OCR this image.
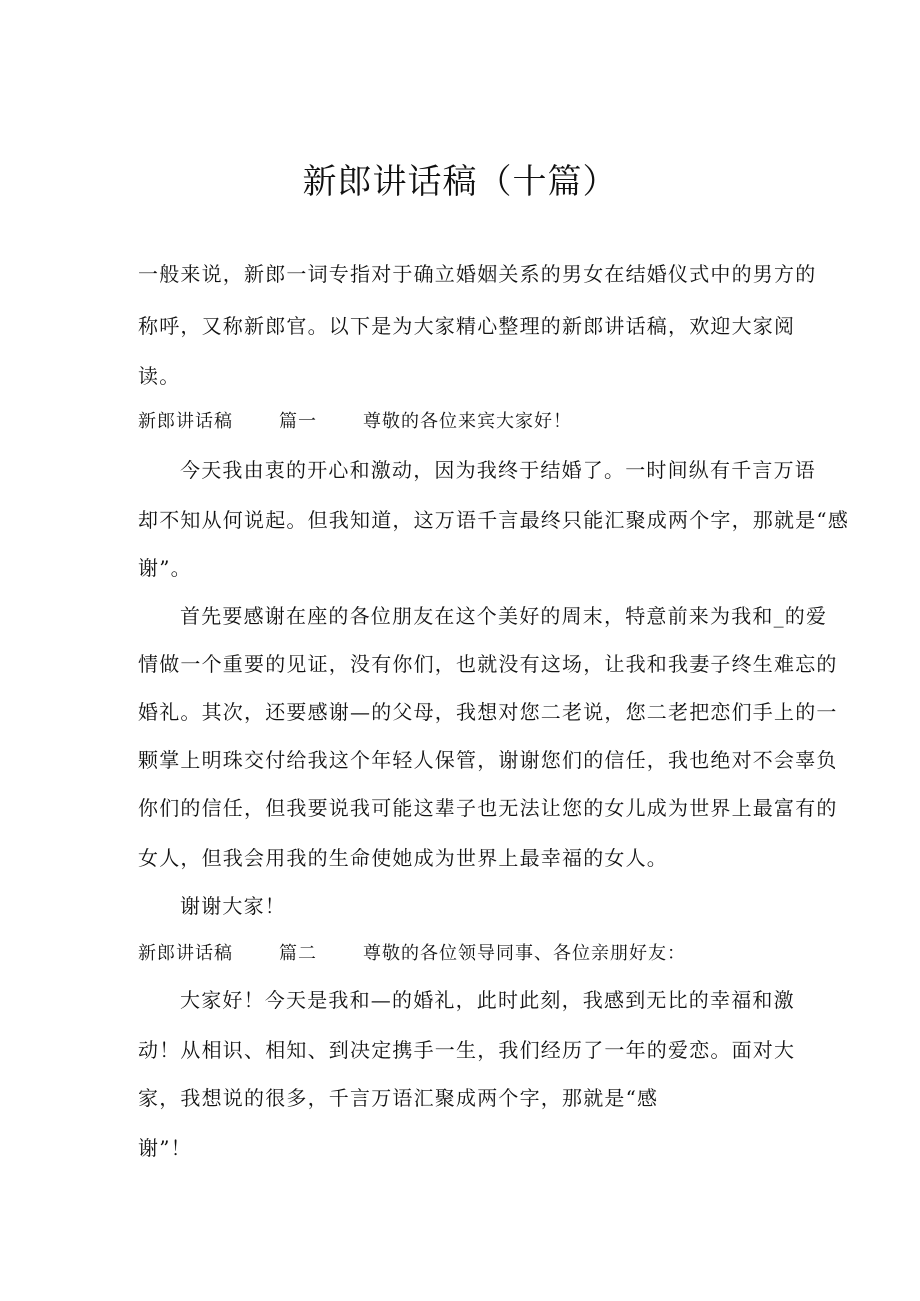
新郎讲话稿（十篇）
一般来说，新郎一词专指对于确立婚姻关系的男女在结婚仪式中的男方的
称呼，又称新郎官。以下是为大家精心整理的新郎讲话稿，欢迎大家阅
读。
新郎讲话稿	篇一	尊敬的各位来宾大家好！
今天我由衷的开心和激动，因为我终于结婚了。一时间纵有千言万语
却不知从何说起。但我知道，这万语千言最终只能汇聚成两个字，那就是“感
谢”。
首先要感谢在座的各位朋友在这个美好的周末，特意前来为我和_的爱
情做一个重要的见证，没有你们，也就没有这场，让我和我妻子终生难忘的
婚礼。其次，还要感谢—的父母，我想对您二老说，您二老把恋们手上的一
颗掌上明珠交付给我这个年轻人保管，谢谢您们的信任，我也绝对不会辜负
你们的信任，但我要说我可能这辈子也无法让您的女儿成为世界上最富有的
女人，但我会用我的生命使她成为世界上最幸福的女人。
谢谢大家！
新郎讲话稿	篇二	尊敬的各位领导同事、各位亲朋好友：
大家好！今天是我和—的婚礼，此时此刻，我感到无比的幸福和激
动！从相识、相知、到决定携手一生，我们经历了一年的爱恋。面对大
家，我想说的很多，千言万语汇聚成两个字，那就是“感
谢”！
